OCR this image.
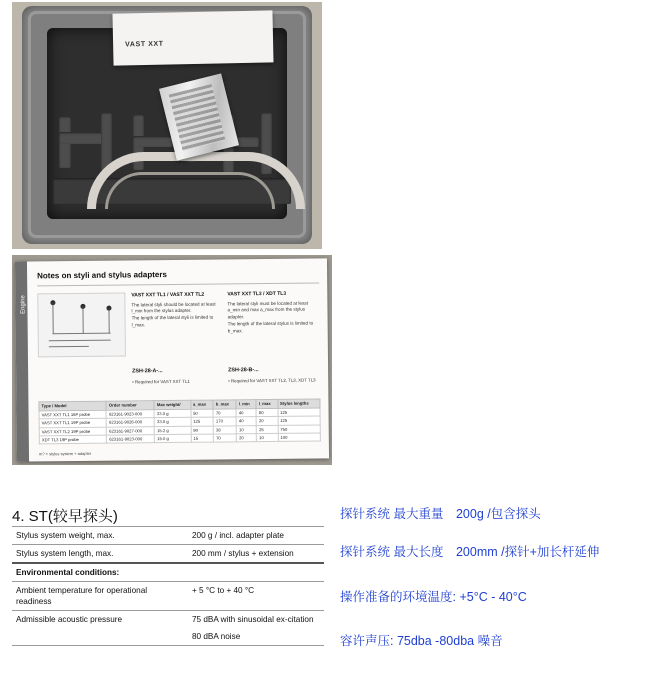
VAST XXT
Engine
Notes on styli and stylus adapters
VAST XXT TL1 / VAST XXT TL2
The lateral styli should be located at least l_min from the stylus adapter.
The length of the lateral styli is limited to l_max.
VAST XXT TL3 / XDT TL3
The lateral styli must be located at least a_min and max a_max from the stylus adapter.
The length of the lateral stylus is limited to b_max.
ZSH-28-A-...
• Required for VAST XXT TL1
ZSH-28-B-...
• Required for VAST XXT TL2, TL3, XDT TL3
Type / Model	Order number	Max weight/	a_max	b_max	l_min	l_max	Stylus lengths
VAST XXT TL1 16P probe	623161-9023-000	33.0 g	50	70	40	80	125
VAST XXT TL1 19P probe	623161-9026-000	33.0 g	125	170	40	20	125
VAST XXT TL2 19P probe	623161-9027-000	15.2 g	90	38	10	25	750
XDT TL3 19P probe	623161-9023-000	15.0 g	15	70	20	10	100
m? = stylus system + adapter
4. ST(较早探头)
Stylus system weight, max.	200 g / incl. adapter plate
Stylus system length, max.	200 mm / stylus + extension
Environmental conditions:	
Ambient temperature for operational readiness	+ 5 °C to + 40 °C
Admissible acoustic pressure	75 dBA with sinusoidal ex-citation
	80 dBA noise
探针系统 最大重量　200g /包含探头
探针系统 最大长度　200mm /探针+加长杆延伸
操作准备的环境温度: +5°C - 40°C
容许声压: 75dba -80dba 噪音
